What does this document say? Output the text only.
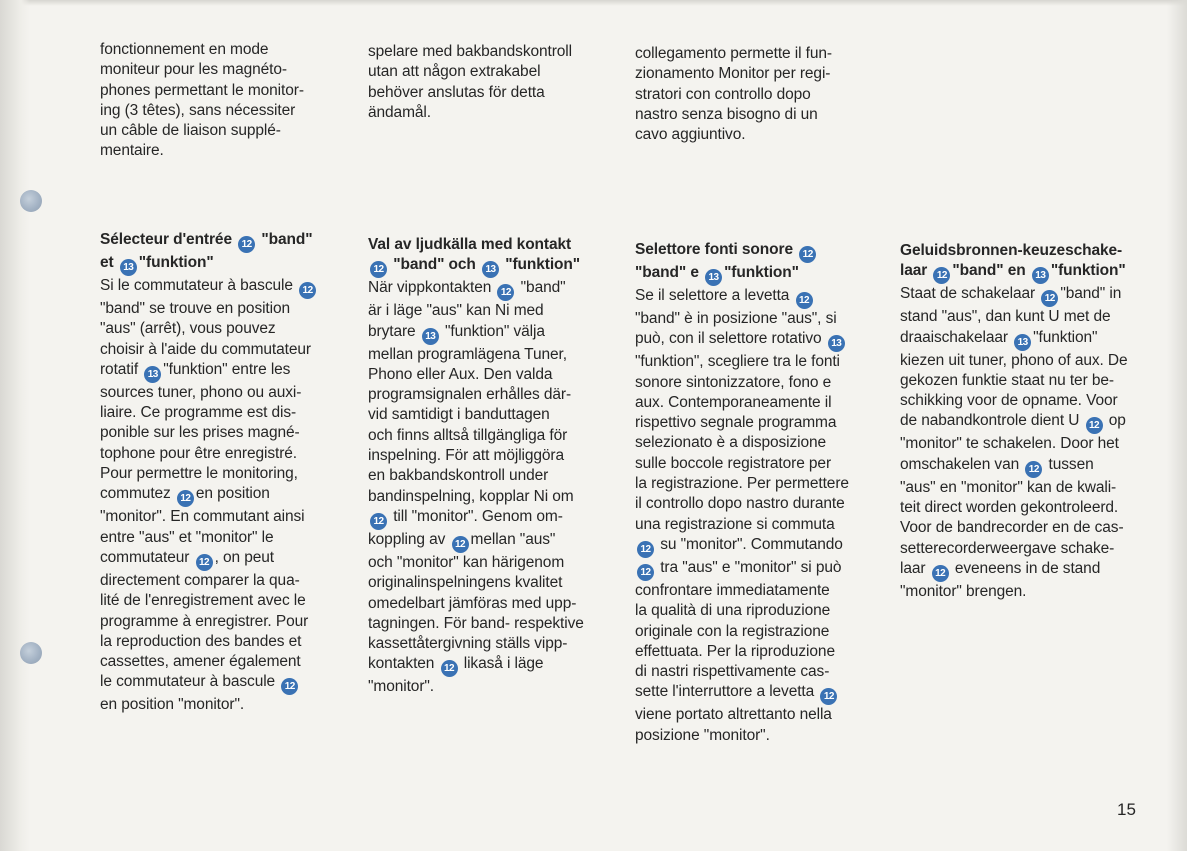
fonctionnement en mode
moniteur pour les magnéto-
phones permettant le monitor-
ing (3 têtes), sans nécessiter
un câble de liaison supplé-
mentaire.
Sélecteur d'entrée 12 "band"
et 13 "funktion"
Si le commutateur à bascule 12
"band" se trouve en position
"aus" (arrêt), vous pouvez
choisir à l'aide du commutateur
rotatif 13 "funktion" entre les
sources tuner, phono ou auxi-
liaire. Ce programme est dis-
ponible sur les prises magné-
tophone pour être enregistré.
Pour permettre le monitoring,
commutez 12 en position
"monitor". En commutant ainsi
entre "aus" et "monitor" le
commutateur 12 , on peut
directement comparer la qua-
lité de l'enregistrement avec le
programme à enregistrer. Pour
la reproduction des bandes et
cassettes, amener également
le commutateur à bascule 12
en position "monitor".
spelare med bakbandskontroll
utan att någon extrakabel
behöver anslutas för detta
ändamål.
Val av ljudkälla med kontakt
12 "band" och 13 "funktion"
När vippkontakten 12 "band"
är i läge "aus" kan Ni med
brytare 13 "funktion" välja
mellan programlägena Tuner,
Phono eller Aux. Den valda
programsignalen erhålles där-
vid samtidigt i banduttagen
och finns alltså tillgängliga för
inspelning. För att möjliggöra
en bakbandskontroll under
bandinspelning, kopplar Ni om
12 till "monitor". Genom om-
koppling av 12 mellan "aus"
och "monitor" kan härigenom
originalinspelningens kvalitet
omedelbart jämföras med upp-
tagningen. För band- respektive
kassettåtergivning ställs vipp-
kontakten 12 likaså i läge
"monitor".
collegamento permette il fun-
zionamento Monitor per regi-
stratori con controllo dopo
nastro senza bisogno di un
cavo aggiuntivo.
Selettore fonti sonore 12
"band" e 13 "funktion"
Se il selettore a levetta 12
"band" è in posizione "aus", si
può, con il selettore rotativo 13
"funktion", scegliere tra le fonti
sonore sintonizzatore, fono e
aux. Contemporaneamente il
rispettivo segnale programma
selezionato è a disposizione
sulle boccole registratore per
la registrazione. Per permettere
il controllo dopo nastro durante
una registrazione si commuta
12 su "monitor". Commutando
12 tra "aus" e "monitor" si può
confrontare immediatamente
la qualità di una riproduzione
originale con la registrazione
effettuata. Per la riproduzione
di nastri rispettivamente cas-
sette l'interruttore a levetta 12
viene portato altrettanto nella
posizione "monitor".
Geluidsbronnen-keuzeschake-
laar 12 "band" en 13 "funktion"
Staat de schakelaar 12 "band" in
stand "aus", dan kunt U met de
draaischakelaar 13 "funktion"
kiezen uit tuner, phono of aux. De
gekozen funktie staat nu ter be-
schikking voor de opname. Voor
de nabandkontrole dient U 12 op
"monitor" te schakelen. Door het
omschakelen van 12 tussen
"aus" en "monitor" kan de kwali-
teit direct worden gekontroleerd.
Voor de bandrecorder en de cas-
setterecorderweergave schake-
laar 12 eveneens in de stand
"monitor" brengen.
15
